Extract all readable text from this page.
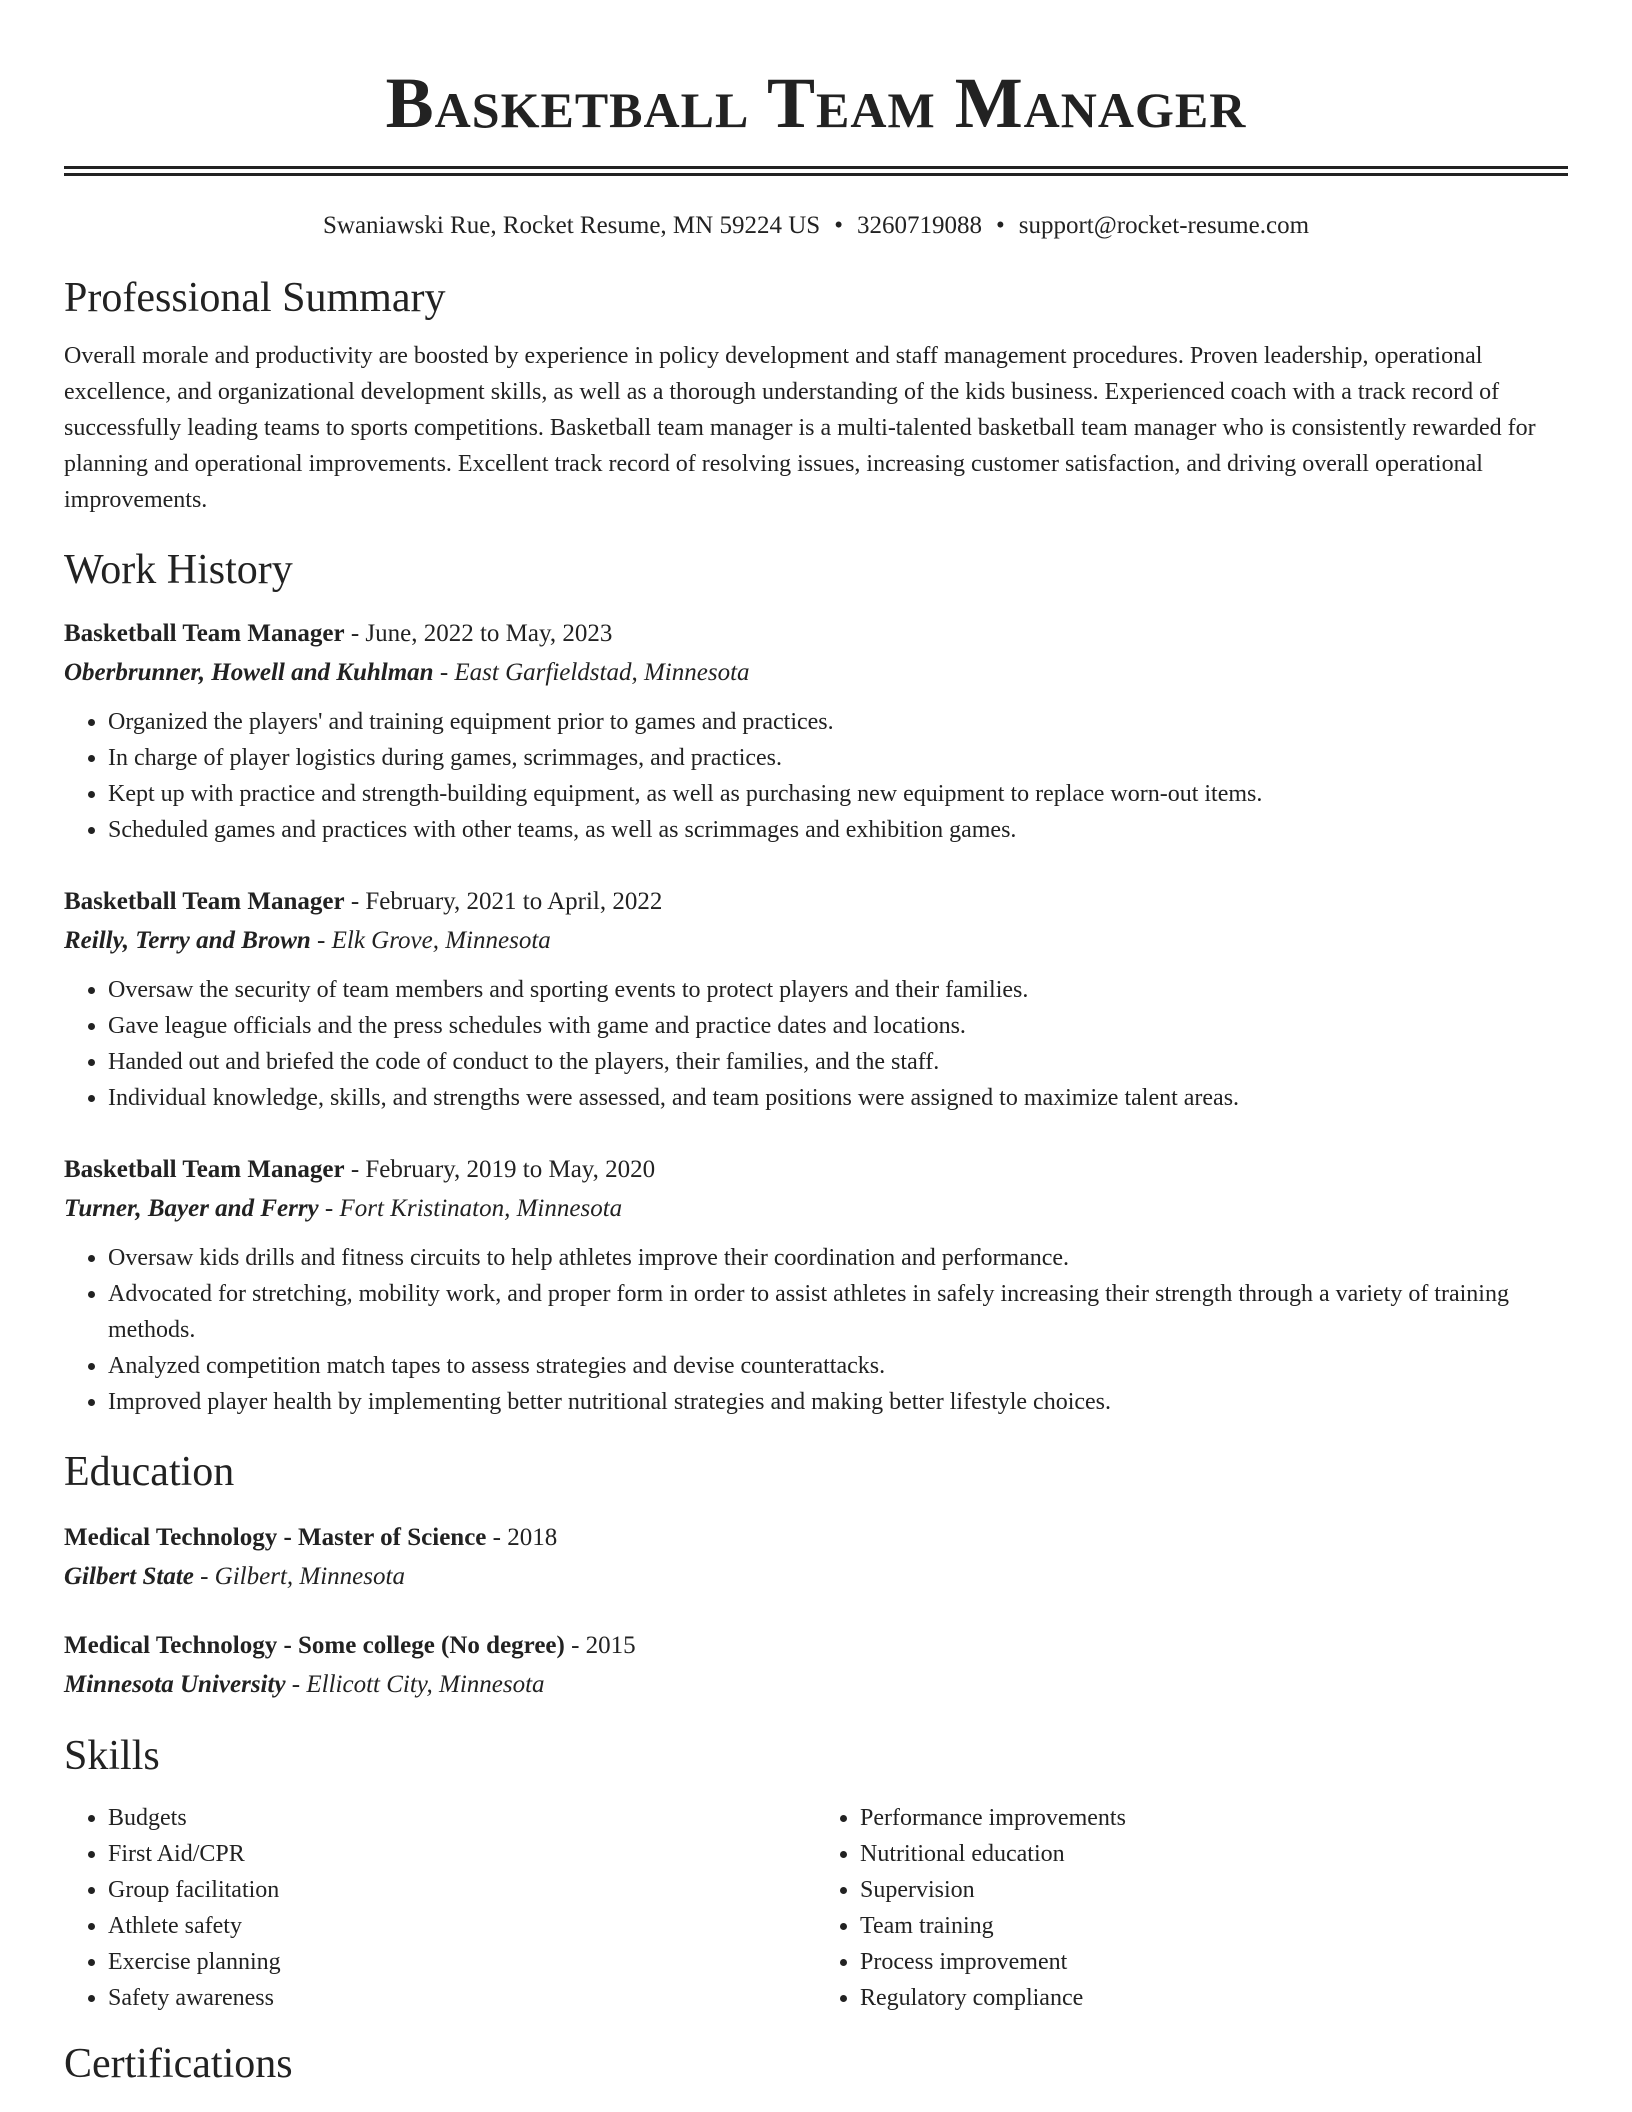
Basketball Team Manager
Swaniawski Rue, Rocket Resume, MN 59224 US • 3260719088 • support@rocket-resume.com
Professional Summary

Overall morale and productivity are boosted by experience in policy development and staff management procedures. Proven leadership, operational excellence, and organizational development skills, as well as a thorough understanding of the kids business. Experienced coach with a track record of successfully leading teams to sports competitions. Basketball team manager is a multi-talented basketball team manager who is consistently rewarded for planning and operational improvements. Excellent track record of resolving issues, increasing customer satisfaction, and driving overall operational improvements.

Work History
Basketball Team Manager - June, 2022 to May, 2023
Oberbrunner, Howell and Kuhlman - East Garfieldstad, Minnesota
• Organized the players' and training equipment prior to games and practices.
• In charge of player logistics during games, scrimmages, and practices.
• Kept up with practice and strength-building equipment, as well as purchasing new equipment to replace worn-out items.
• Scheduled games and practices with other teams, as well as scrimmages and exhibition games.
Basketball Team Manager - February, 2021 to April, 2022
Reilly, Terry and Brown - Elk Grove, Minnesota
• Oversaw the security of team members and sporting events to protect players and their families.
• Gave league officials and the press schedules with game and practice dates and locations.
• Handed out and briefed the code of conduct to the players, their families, and the staff.
• Individual knowledge, skills, and strengths were assessed, and team positions were assigned to maximize talent areas.
Basketball Team Manager - February, 2019 to May, 2020
Turner, Bayer and Ferry - Fort Kristinaton, Minnesota
• Oversaw kids drills and fitness circuits to help athletes improve their coordination and performance.
• Advocated for stretching, mobility work, and proper form in order to assist athletes in safely increasing their strength through a variety of training methods.
• Analyzed competition match tapes to assess strategies and devise counterattacks.
• Improved player health by implementing better nutritional strategies and making better lifestyle choices.
Education
Medical Technology - Master of Science - 2018
Gilbert State - Gilbert, Minnesota
Medical Technology - Some college (No degree) - 2015
Minnesota University - Ellicott City, Minnesota
Skills
• Budgets
• First Aid/CPR
• Group facilitation
• Athlete safety
• Exercise planning
• Safety awareness
• Performance improvements
• Nutritional education
• Supervision
• Team training
• Process improvement
• Regulatory compliance
Certifications
